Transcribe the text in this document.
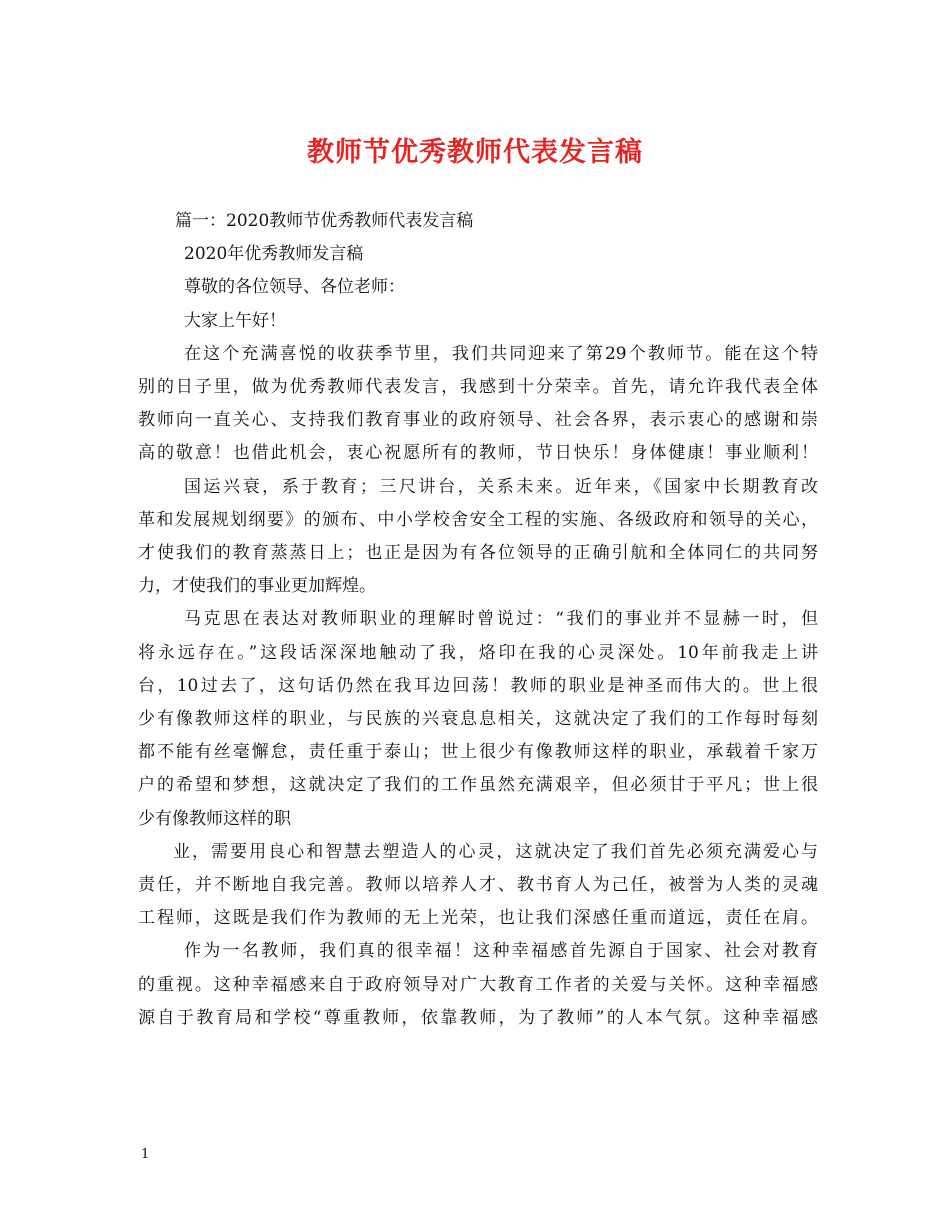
教师节优秀教师代表发言稿

篇一：2020教师节优秀教师代表发言稿

2020年优秀教师发言稿

尊敬的各位领导、各位老师：

大家上午好！

在这个充满喜悦的收获季节里，我们共同迎来了第29个教师节。能在这个特

别的日子里，做为优秀教师代表发言，我感到十分荣幸。首先，请允许我代表全体

教师向一直关心、支持我们教育事业的政府领导、社会各界，表示衷心的感谢和崇

高的敬意！也借此机会，衷心祝愿所有的教师，节日快乐！身体健康！事业顺利！

国运兴衰，系于教育；三尺讲台，关系未来。近年来，《国家中长期教育改

革和发展规划纲要》的颁布、中小学校舍安全工程的实施、各级政府和领导的关心，

才使我们的教育蒸蒸日上；也正是因为有各位领导的正确引航和全体同仁的共同努

力，才使我们的事业更加辉煌。

马克思在表达对教师职业的理解时曾说过：“我们的事业并不显赫一时，但

将永远存在。”这段话深深地触动了我，烙印在我的心灵深处。10年前我走上讲

台，10过去了，这句话仍然在我耳边回荡！教师的职业是神圣而伟大的。世上很

少有像教师这样的职业，与民族的兴衰息息相关，这就决定了我们的工作每时每刻

都不能有丝毫懈怠，责任重于泰山；世上很少有像教师这样的职业，承载着千家万

户的希望和梦想，这就决定了我们的工作虽然充满艰辛，但必须甘于平凡；世上很

少有像教师这样的职

业，需要用良心和智慧去塑造人的心灵，这就决定了我们首先必须充满爱心与

责任，并不断地自我完善。教师以培养人才、教书育人为己任，被誉为人类的灵魂

工程师，这既是我们作为教师的无上光荣，也让我们深感任重而道远，责任在肩。

作为一名教师，我们真的很幸福！这种幸福感首先源自于国家、社会对教育

的重视。这种幸福感来自于政府领导对广大教育工作者的关爱与关怀。这种幸福感

源自于教育局和学校“尊重教师，依靠教师，为了教师”的人本气氛。这种幸福感

1
